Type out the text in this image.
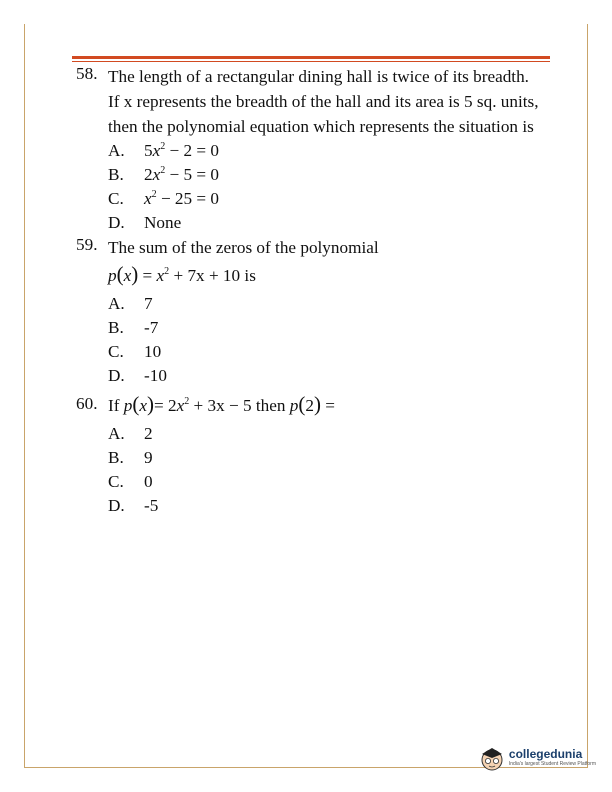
58. The length of a rectangular dining hall is twice of its breadth. If x represents the breadth of the hall and its area is 5 sq. units, then the polynomial equation which represents the situation is
A.	$5x^2 - 2 = 0$
B.	$2x^2 - 5 = 0$
C.	$x^2 - 25 = 0$
D.	None
59. The sum of the zeros of the polynomial
$p(x) = x^2 + 7x + 10$ is
A.	7
B.	-7
C.	10
D.	-10
60. If $p(x)= 2x^2 + 3x - 5$ then p(2) =
A.	2
B.	9
C.	0
D.	-5
collegedunia
India's largest Student Review Platform
